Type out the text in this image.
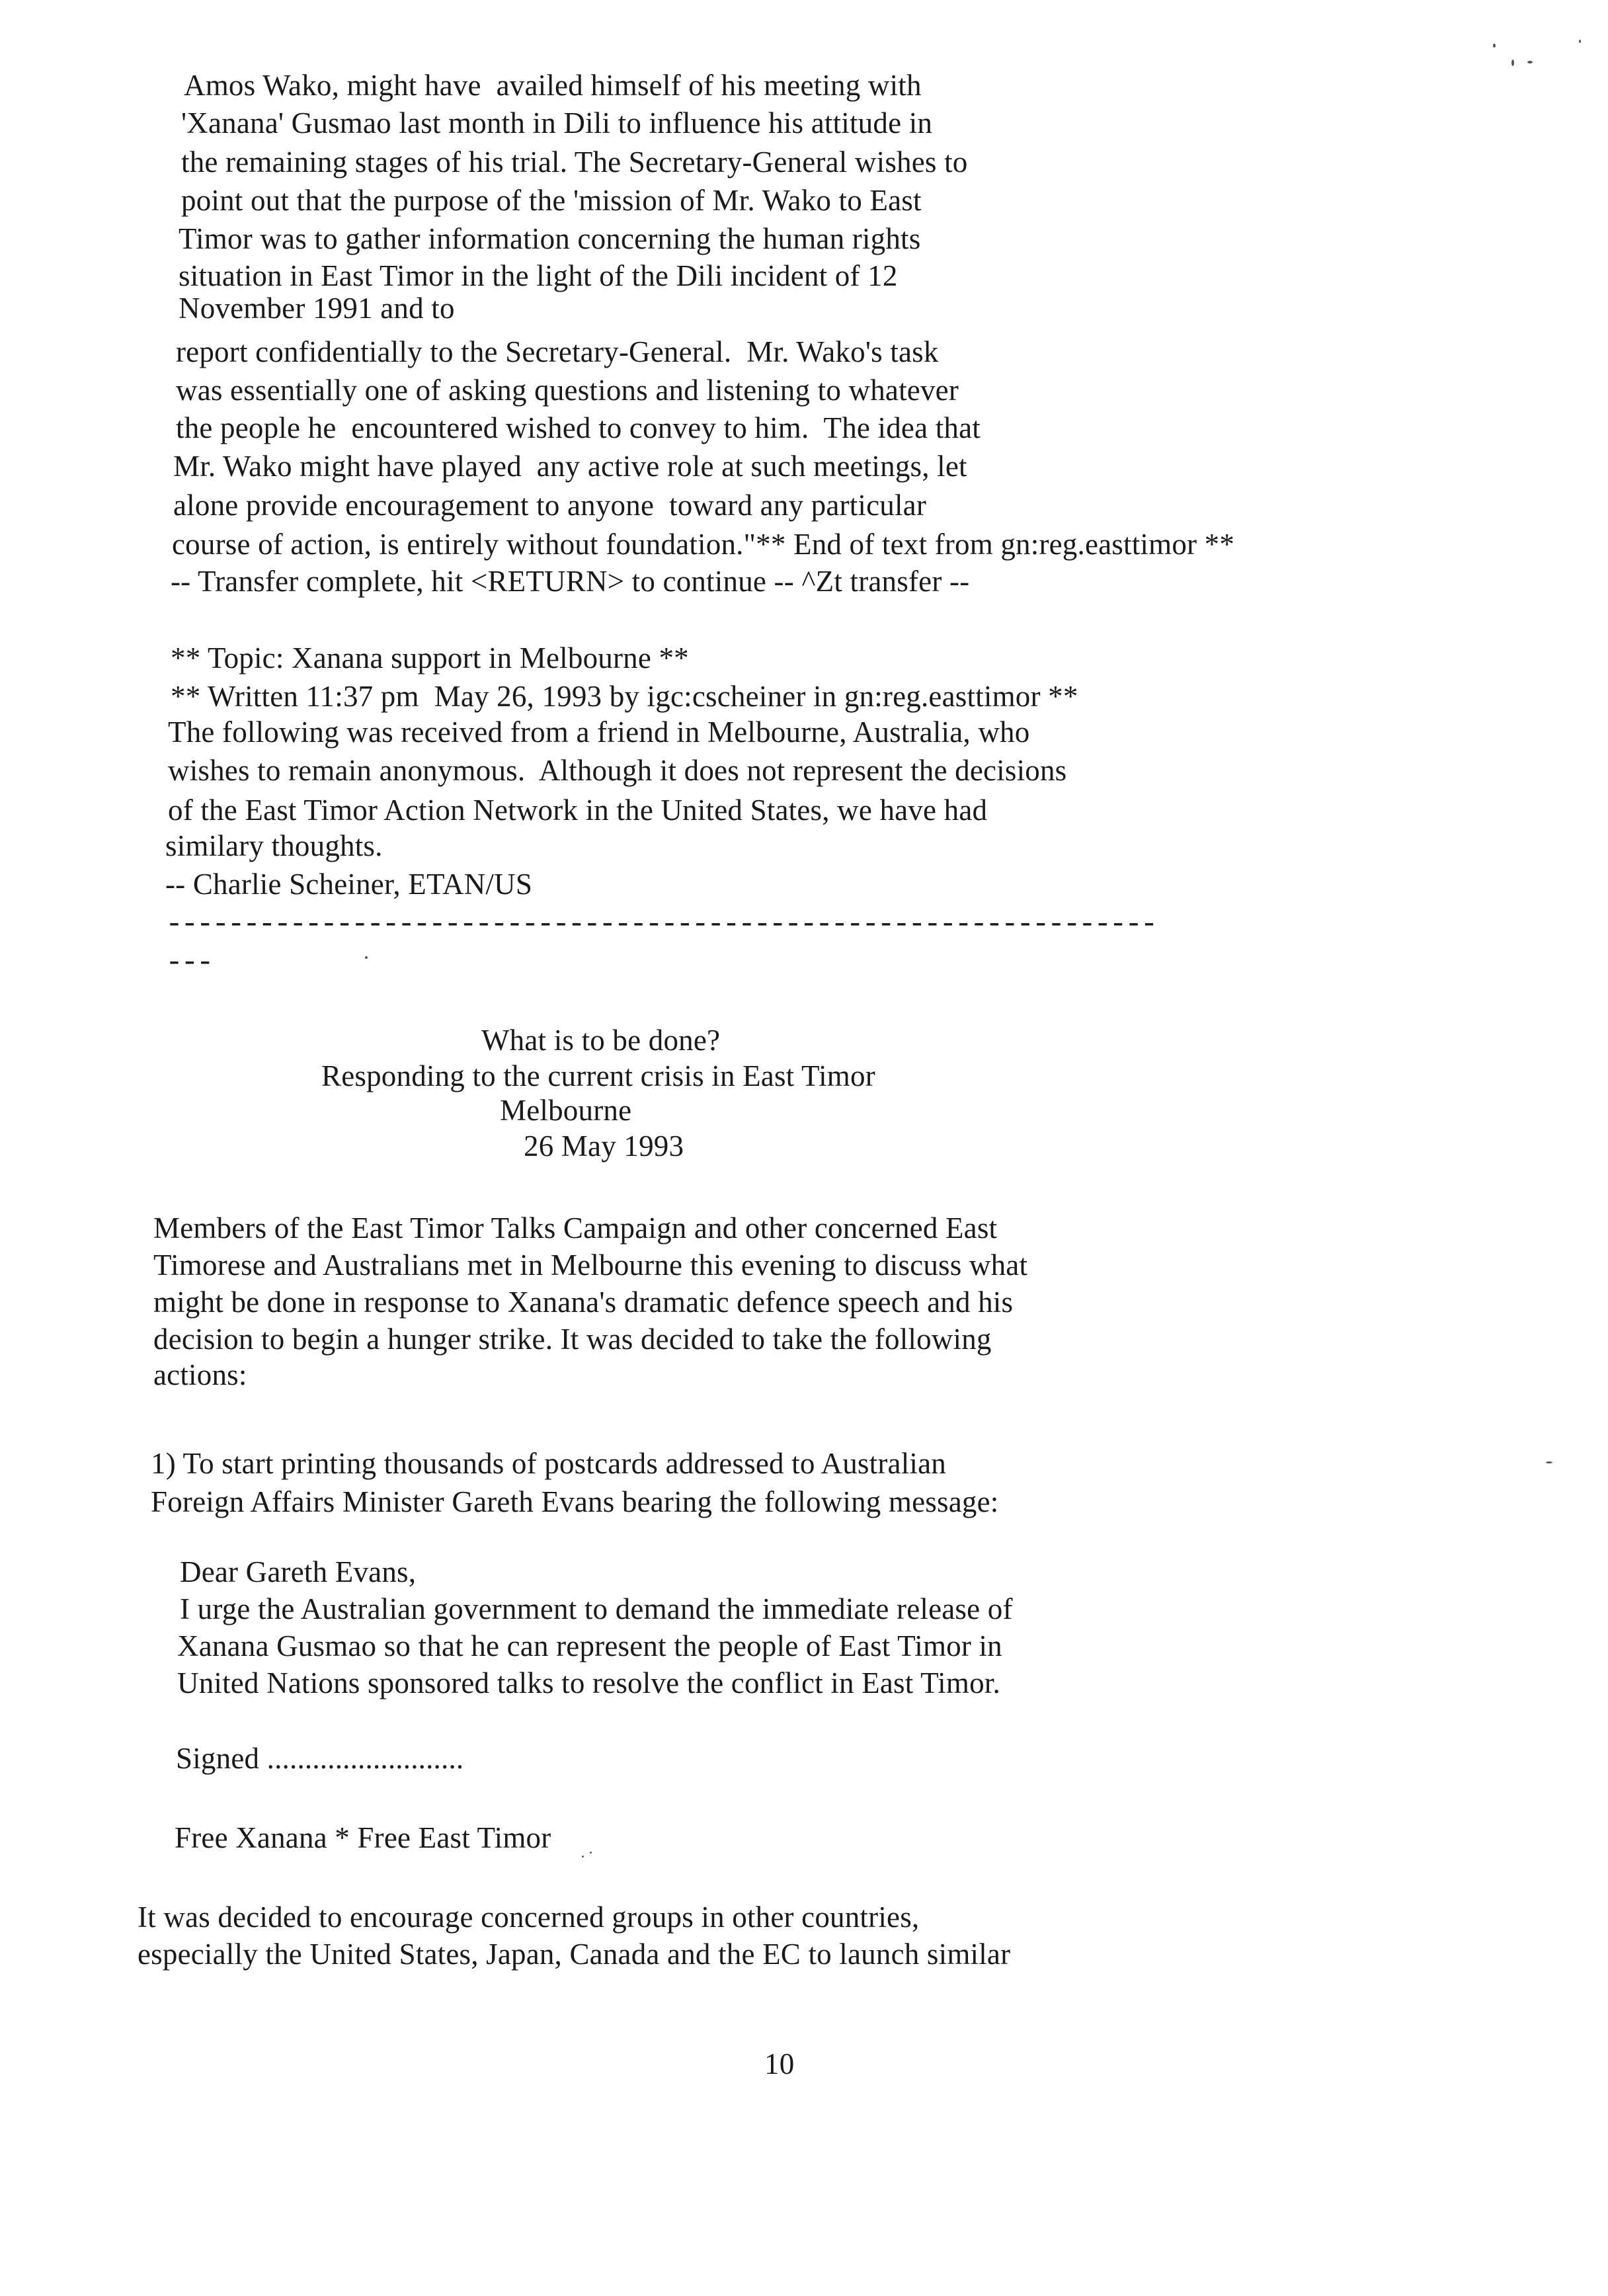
Amos Wako, might have  availed himself of his meeting with
'Xanana' Gusmao last month in Dili to influence his attitude in
the remaining stages of his trial. The Secretary-General wishes to
point out that the purpose of the 'mission of Mr. Wako to East
Timor was to gather information concerning the human rights
situation in East Timor in the light of the Dili incident of 12
November 1991 and to
report confidentially to the Secretary-General.  Mr. Wako's task
was essentially one of asking questions and listening to whatever
the people he  encountered wished to convey to him.  The idea that
Mr. Wako might have played  any active role at such meetings, let
alone provide encouragement to anyone  toward any particular
course of action, is entirely without foundation."** End of text from gn:reg.easttimor **
-- Transfer complete, hit <RETURN> to continue -- ^Zt transfer --
** Topic: Xanana support in Melbourne **
** Written 11:37 pm  May 26, 1993 by igc:cscheiner in gn:reg.easttimor **
The following was received from a friend in Melbourne, Australia, who
wishes to remain anonymous.  Although it does not represent the decisions
of the East Timor Action Network in the United States, we have had
similary thoughts.
-- Charlie Scheiner, ETAN/US
----------------------------------------------------------------
---
What is to be done?
Responding to the current crisis in East Timor
Melbourne
26 May 1993
Members of the East Timor Talks Campaign and other concerned East
Timorese and Australians met in Melbourne this evening to discuss what
might be done in response to Xanana's dramatic defence speech and his
decision to begin a hunger strike. It was decided to take the following
actions:
1) To start printing thousands of postcards addressed to Australian
Foreign Affairs Minister Gareth Evans bearing the following message:
Dear Gareth Evans,
I urge the Australian government to demand the immediate release of
Xanana Gusmao so that he can represent the people of East Timor in
United Nations sponsored talks to resolve the conflict in East Timor.
Signed ..........................
Free Xanana * Free East Timor
It was decided to encourage concerned groups in other countries,
especially the United States, Japan, Canada and the EC to launch similar
10
